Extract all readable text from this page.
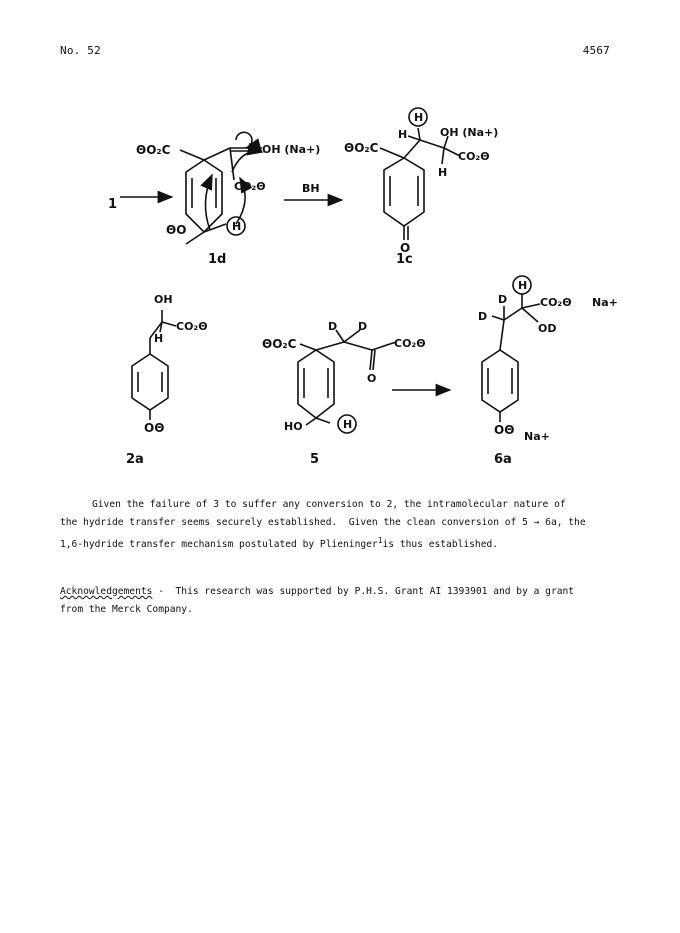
No. 52	4567
1
ΘO₂C	OH (Na+)
CO₂Θ
ΘO	H
1d
BH
ΘO₂C
H
H
OH (Na+)
CO₂Θ
H
O
1c
OH
H
CO₂Θ
OΘ
2a
ΘO₂C
D D
O
CO₂Θ
HO	H
5
H
D
D
CO₂Θ Na+
OD
OΘ Na+
6a
Given the failure of 3 to suffer any conversion to 2, the intramolecular nature of
the hydride transfer seems securely established.  Given the clean conversion of 5 → 6a, the
1,6-hydride transfer mechanism postulated by Plieninger$^1$is thus established.
Acknowledgements -  This research was supported by P.H.S. Grant AI 1393901 and by a grant
from the Merck Company.
